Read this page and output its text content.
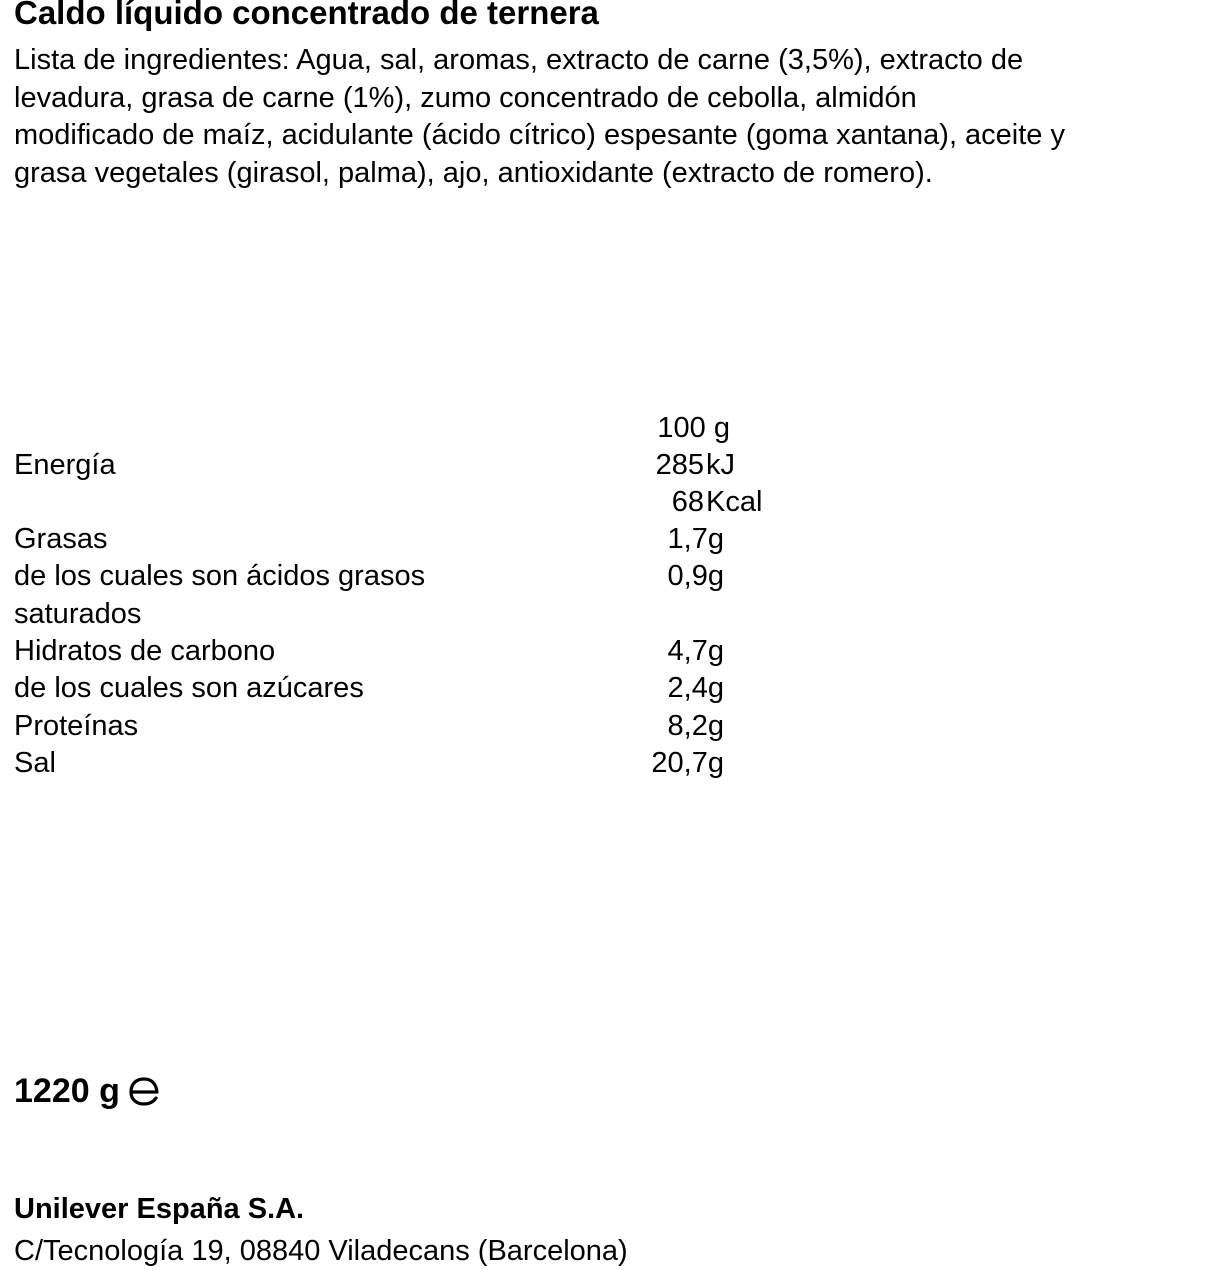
Caldo líquido concentrado de ternera

Lista de ingredientes: Agua, sal, aromas, extracto de carne (3,5%), extracto de
levadura, grasa de carne (1%), zumo concentrado de cebolla, almidón
modificado de maíz, acidulante (ácido cítrico) espesante (goma xantana), aceite y
grasa vegetales (girasol, palma), ajo, antioxidante (extracto de romero).

100 g
Energía	285 kJ
68 Kcal
Grasas	1,7g
de los cuales son ácidos grasos	0,9g
saturados
Hidratos de carbono	4,7g
de los cuales son azúcares	2,4g
Proteínas	8,2g
Sal	20,7g
1220 g
Unilever España S.A.
C/Tecnología 19, 08840 Viladecans (Barcelona)
